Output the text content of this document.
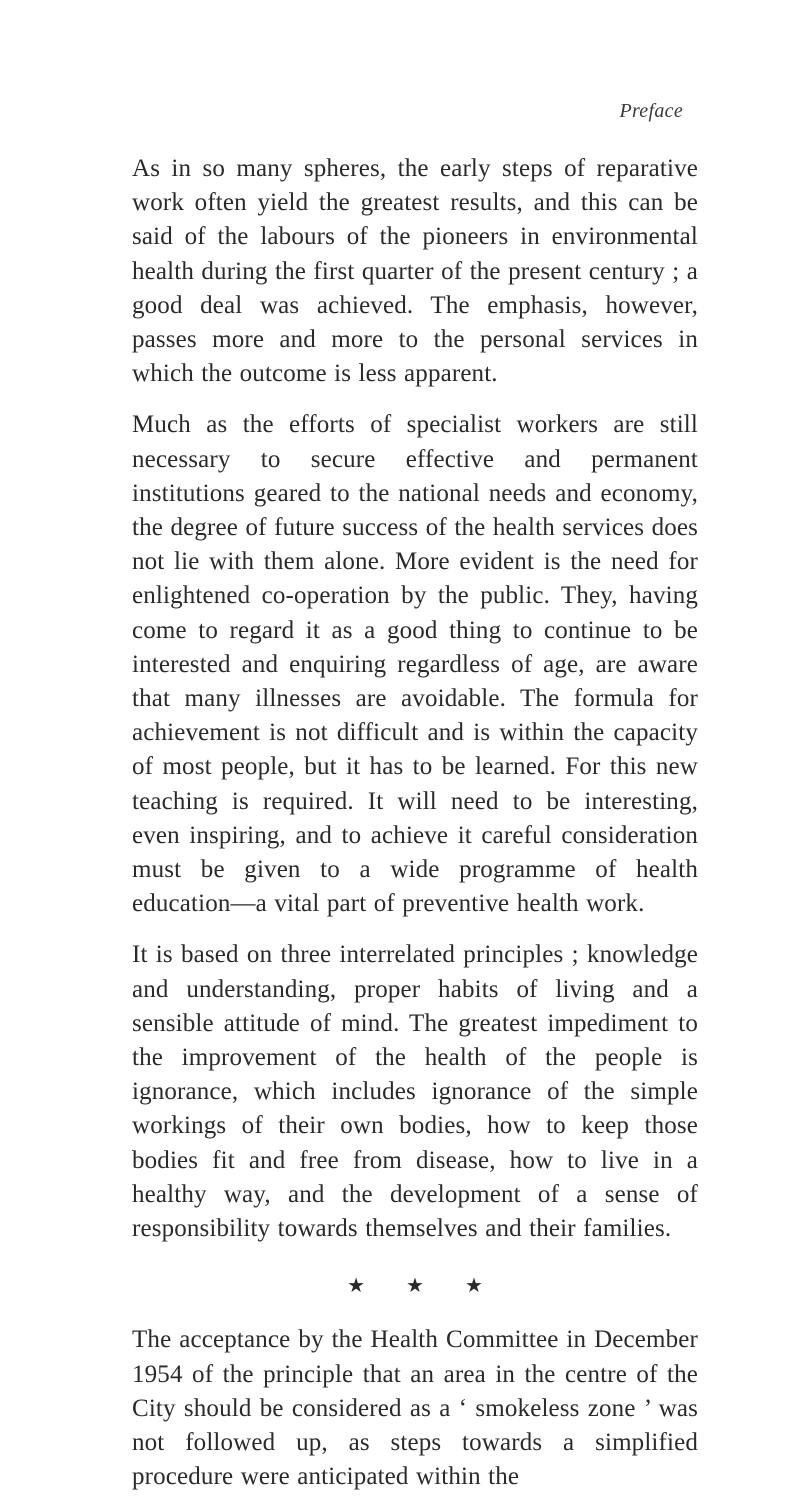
Preface

As in so many spheres, the early steps of reparative work often yield the greatest results, and this can be said of the labours of the pioneers in environmental health during the first quarter of the present century ; a good deal was achieved. The emphasis, however, passes more and more to the personal services in which the outcome is less apparent.

Much as the efforts of specialist workers are still necessary to secure effective and permanent institutions geared to the national needs and economy, the degree of future success of the health services does not lie with them alone. More evident is the need for enlightened co-operation by the public. They, having come to regard it as a good thing to continue to be interested and enquiring regardless of age, are aware that many illnesses are avoidable. The formula for achievement is not difficult and is within the capacity of most people, but it has to be learned. For this new teaching is required. It will need to be interesting, even inspiring, and to achieve it careful consideration must be given to a wide programme of health education—a vital part of preventive health work.

It is based on three interrelated principles ; knowledge and understanding, proper habits of living and a sensible attitude of mind. The greatest impediment to the improvement of the health of the people is ignorance, which includes ignorance of the simple workings of their own bodies, how to keep those bodies fit and free from disease, how to live in a healthy way, and the development of a sense of responsibility towards themselves and their families.

★ ★ ★

The acceptance by the Health Committee in December 1954 of the principle that an area in the centre of the City should be considered as a ‘ smokeless zone ’ was not followed up, as steps towards a simplified procedure were anticipated within the
